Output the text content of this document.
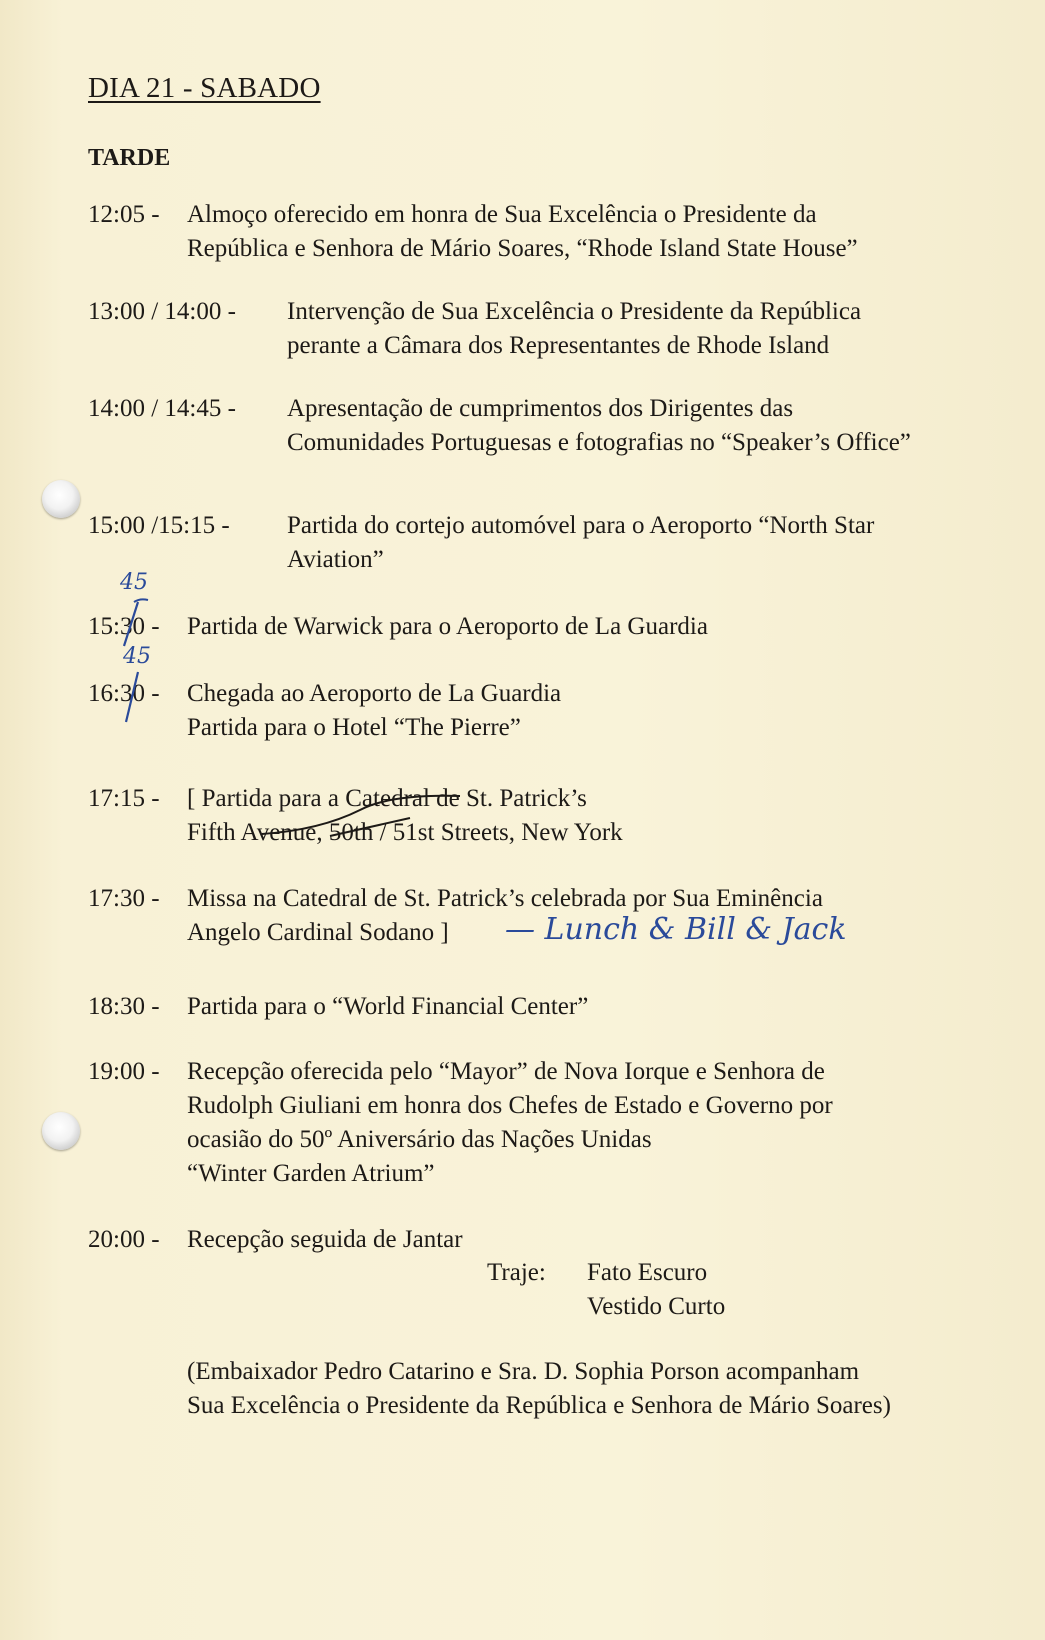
DIA 21 - SABADO
TARDE
12:05 - Almoço oferecido em honra de Sua Excelência o Presidente da
República e Senhora de Mário Soares, “Rhode Island State House”
13:00 / 14:00 - Intervenção de Sua Excelência o Presidente da República
perante a Câmara dos Representantes de Rhode Island
14:00 / 14:45 - Apresentação de cumprimentos dos Dirigentes das
Comunidades Portuguesas e fotografias no “Speaker’s Office”
15:00 /15:15 - Partida do cortejo automóvel para o Aeroporto “North Star
Aviation”
15:30 - Partida de Warwick para o Aeroporto de La Guardia
16:30 - Chegada ao Aeroporto de La Guardia
Partida para o Hotel “The Pierre”
17:15 - [ Partida para a Catedral de St. Patrick’s
Fifth Avenue, 50th / 51st Streets, New York
17:30 - Missa na Catedral de St. Patrick’s celebrada por Sua Eminência
Angelo Cardinal Sodano ]
18:30 - Partida para o “World Financial Center”
19:00 - Recepção oferecida pelo “Mayor” de Nova Iorque e Senhora de
Rudolph Giuliani em honra dos Chefes de Estado e Governo por
ocasião do 50º Aniversário das Nações Unidas
“Winter Garden Atrium”
20:00 - Recepção seguida de Jantar
Traje: Fato Escuro
Vestido Curto
(Embaixador Pedro Catarino e Sra. D. Sophia Porson acompanham
Sua Excelência o Presidente da República e Senhora de Mário Soares)
45
45
— Lunch & Bill & Jack
